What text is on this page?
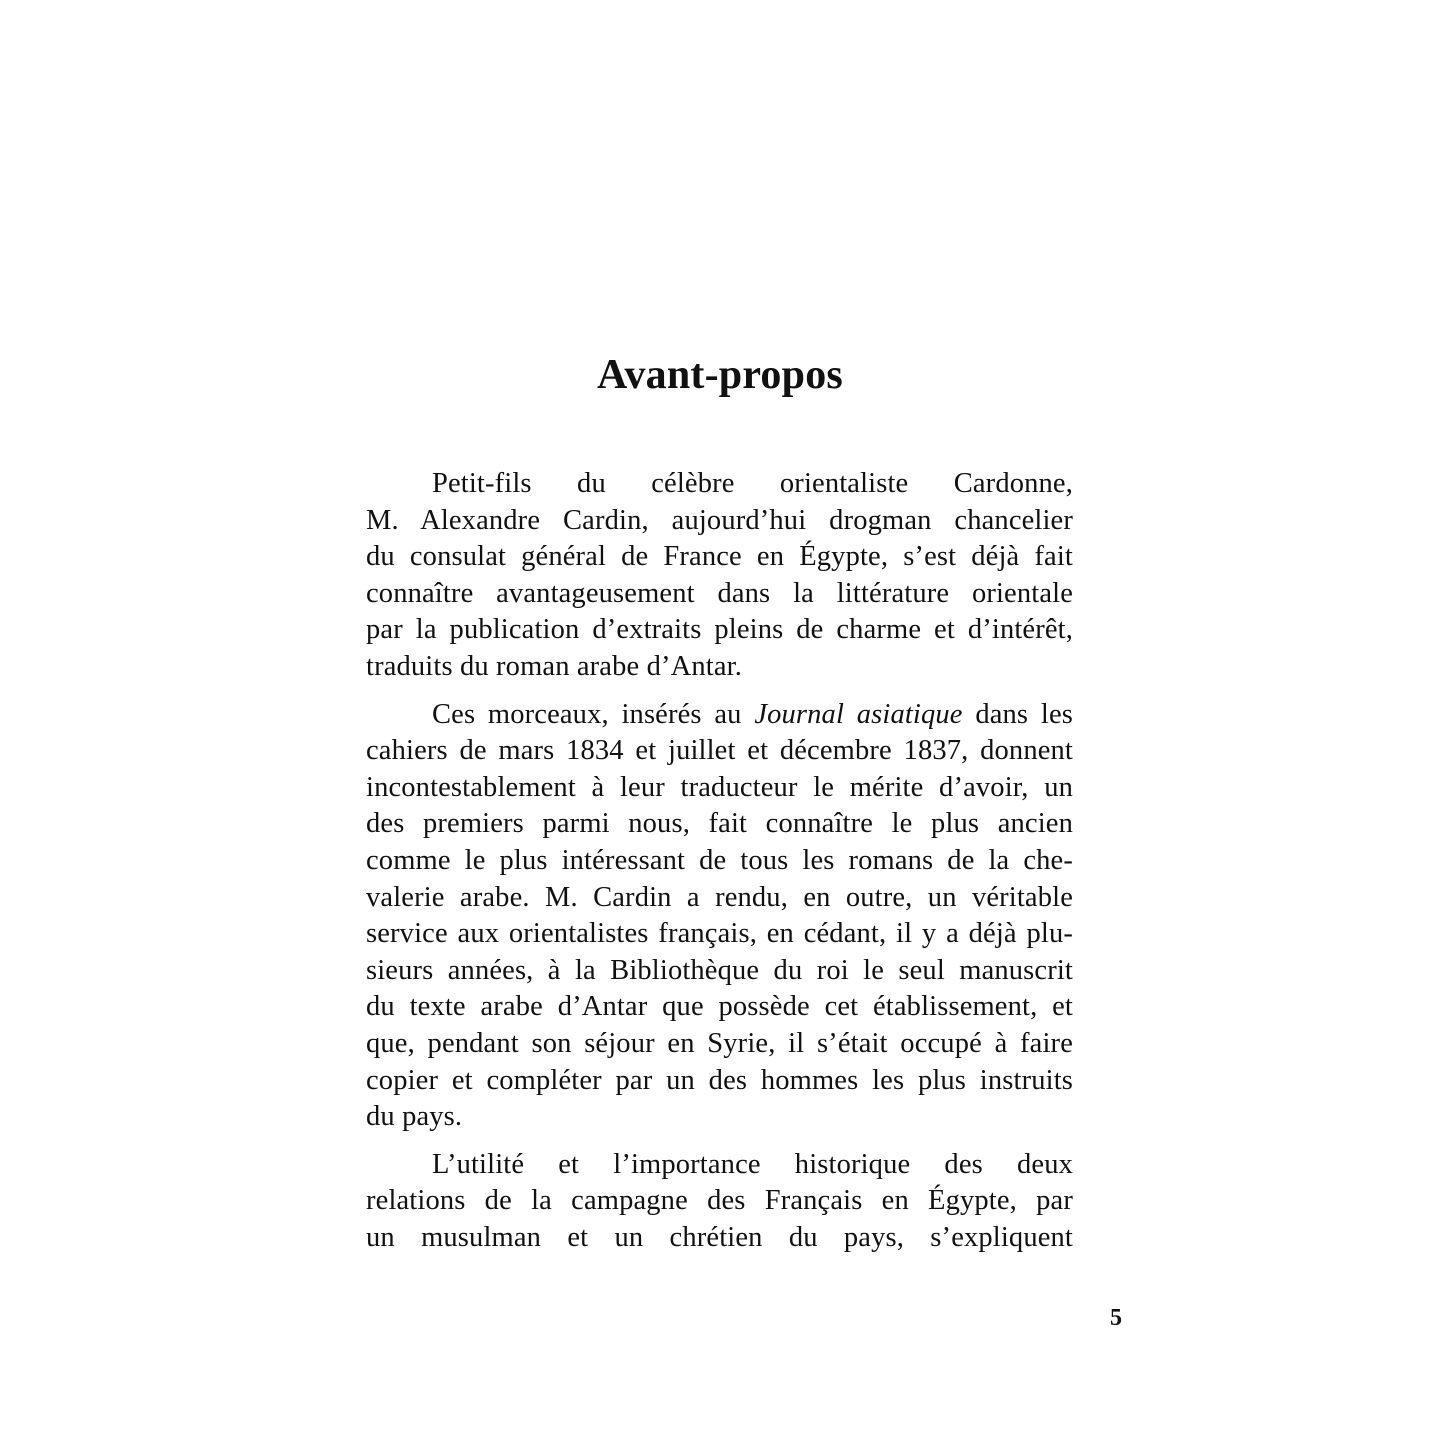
Avant-propos
Petit-fils du célèbre orientaliste Cardonne,
M. Alexandre Cardin, aujourd’hui drogman chancelier
du consulat général de France en Égypte, s’est déjà fait
connaître avantageusement dans la littérature orientale
par la publication d’extraits pleins de charme et d’intérêt,
traduits du roman arabe d’Antar.
Ces morceaux, insérés au Journal asiatique dans les
cahiers de mars 1834 et juillet et décembre 1837, donnent
incontestablement à leur traducteur le mérite d’avoir, un
des premiers parmi nous, fait connaître le plus ancien
comme le plus intéressant de tous les romans de la che-
valerie arabe. M. Cardin a rendu, en outre, un véritable
service aux orientalistes français, en cédant, il y a déjà plu-
sieurs années, à la Bibliothèque du roi le seul manuscrit
du texte arabe d’Antar que possède cet établissement, et
que, pendant son séjour en Syrie, il s’était occupé à faire
copier et compléter par un des hommes les plus instruits
du pays.
L’utilité et l’importance historique des deux
relations de la campagne des Français en Égypte, par
un musulman et un chrétien du pays, s’expliquent
5
